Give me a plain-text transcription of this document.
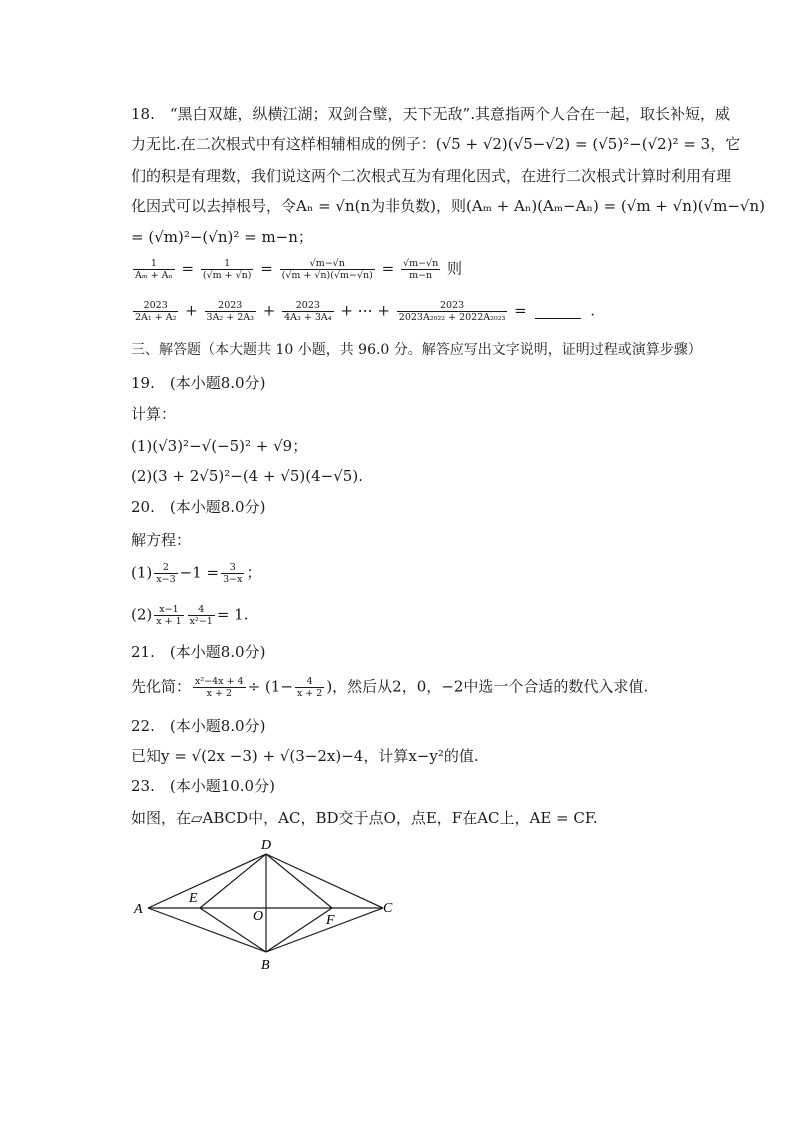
18.　“黑白双雄，纵横江湖；双剑合璧，天下无敌”.其意指两个人合在一起，取长补短，威
力无比.在二次根式中有这样相辅相成的例子：(√5 + √2)(√5−√2) = (√5)²−(√2)² = 3，它
们的积是有理数，我们说这两个二次根式互为有理化因式，在进行二次根式计算时利用有理
化因式可以去掉根号，令Aₙ = √n(n为非负数)，则(Aₘ + Aₙ)(Aₘ−Aₙ) = (√m + √n)(√m−√n)
= (√m)²−(√n)² = m−n；
$\frac{1}{\text{Aₘ + Aₙ}} = \frac{1}{(√m + √n)} = \frac{√m-√n}{(√m + √n)(√m-√n)} = \frac{√m-√n}{m-n}$ 则
$\frac{2023}{\text{2A₁ + A₂}} + \frac{2023}{\text{3A₂ + 2A₃}} + \frac{2023}{\text{4A₃ + 3A₄}}$ + ⋯ + $\frac{2023}{\text{2023A₂₀₂₂ + 2022A₂₀₂₃}}$ =	.
三、解答题（本大题共 10 小题，共 96.0 分。解答应写出文字说明，证明过程或演算步骤）
19.　(本小题8.0分)
计算：
(1)(√3)²−√(−5)² + √9；
(2)(3 + 2√5)²−(4 + √5)(4−√5).
20.　(本小题8.0分)
解方程：
$(1) \frac{2}{x-3} -1 = \frac{3}{3-x}$ ；
$(2) \frac{x-1}{x + 1} \frac{4}{\text{x²−1}} = 1$.
21.　(本小题8.0分)
先化简： $\frac{\text{x²−4x + 4}}{x + 2} \div (1- \frac{4}{x + 2}$ )，然后从2，0，−2中选一个合适的数代入求值.
22.　(本小题8.0分)
已知y = √(2x −3) + √(3−2x)−4，计算x−y²的值.
23.　(本小题10.0分)
如图，在▱ABCD中，AC，BD交于点O，点E，F在AC上，AE = CF.
A
D
C
B
E
F
O
